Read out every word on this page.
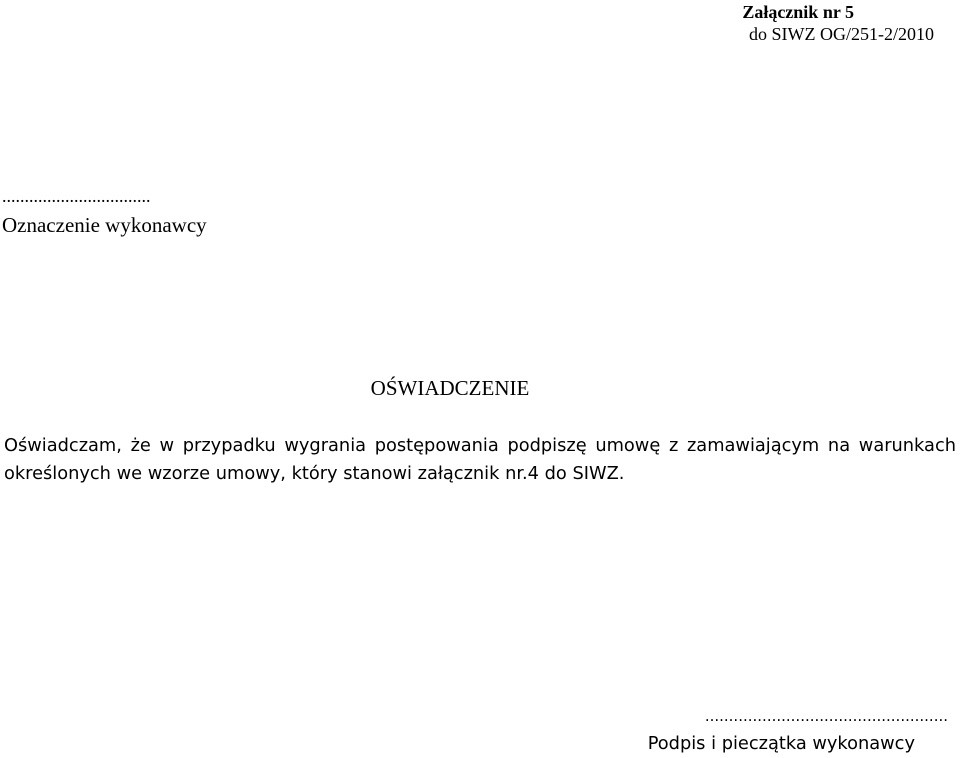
Załącznik nr 5
do SIWZ OG/251-2/2010
.................................
Oznaczenie wykonawcy
OŚWIADCZENIE
Oświadczam, że w przypadku wygrania postępowania podpiszę umowę z zamawiającym na warunkach określonych we wzorze umowy, który stanowi załącznik nr.4 do SIWZ.
...................................................
Podpis i pieczątka wykonawcy
